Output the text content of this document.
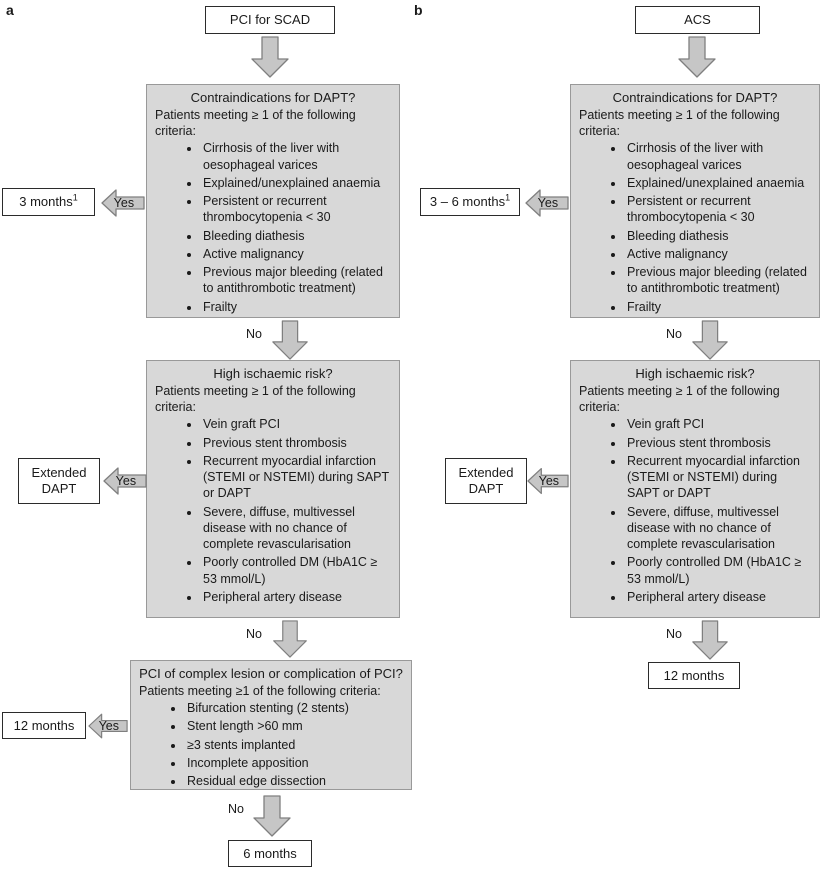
a
PCI for SCAD
Contraindications for DAPT?
Patients meeting ≥ 1 of the following criteria:
• Cirrhosis of the liver with oesophageal varices
• Explained/unexplained anaemia
• Persistent or recurrent thrombocytopenia < 30
• Bleeding diathesis
• Active malignancy
• Previous major bleeding (related to antithrombotic treatment)
• Frailty
Yes
3 months$^1$
No
High ischaemic risk?
Patients meeting ≥ 1 of the following criteria:
• Vein graft PCI
• Previous stent thrombosis
• Recurrent myocardial infarction (STEMI or NSTEMI) during SAPT or DAPT
• Severe, diffuse, multivessel disease with no chance of complete revascularisation
• Poorly controlled DM (HbA1C ≥ 53 mmol/L)
• Peripheral artery disease
Yes
Extended DAPT
No
PCI of complex lesion or complication of PCI?
Patients meeting ≥1 of the following criteria:
• Bifurcation stenting (2 stents)
• Stent length >60 mm
• ≥3 stents implanted
• Incomplete apposition
• Residual edge dissection
Yes
12 months
No
6 months
b
ACS
Contraindications for DAPT?
Patients meeting ≥ 1 of the following criteria:
• Cirrhosis of the liver with oesophageal varices
• Explained/unexplained anaemia
• Persistent or recurrent thrombocytopenia < 30
• Bleeding diathesis
• Active malignancy
• Previous major bleeding (related to antithrombotic treatment)
• Frailty
Yes
3 – 6 months$^1$
No
High ischaemic risk?
Patients meeting ≥ 1 of the following criteria:
• Vein graft PCI
• Previous stent thrombosis
• Recurrent myocardial infarction (STEMI or NSTEMI) during SAPT or DAPT
• Severe, diffuse, multivessel disease with no chance of complete revascularisation
• Poorly controlled DM (HbA1C ≥ 53 mmol/L)
• Peripheral artery disease
Yes
Extended DAPT
No
12 months
